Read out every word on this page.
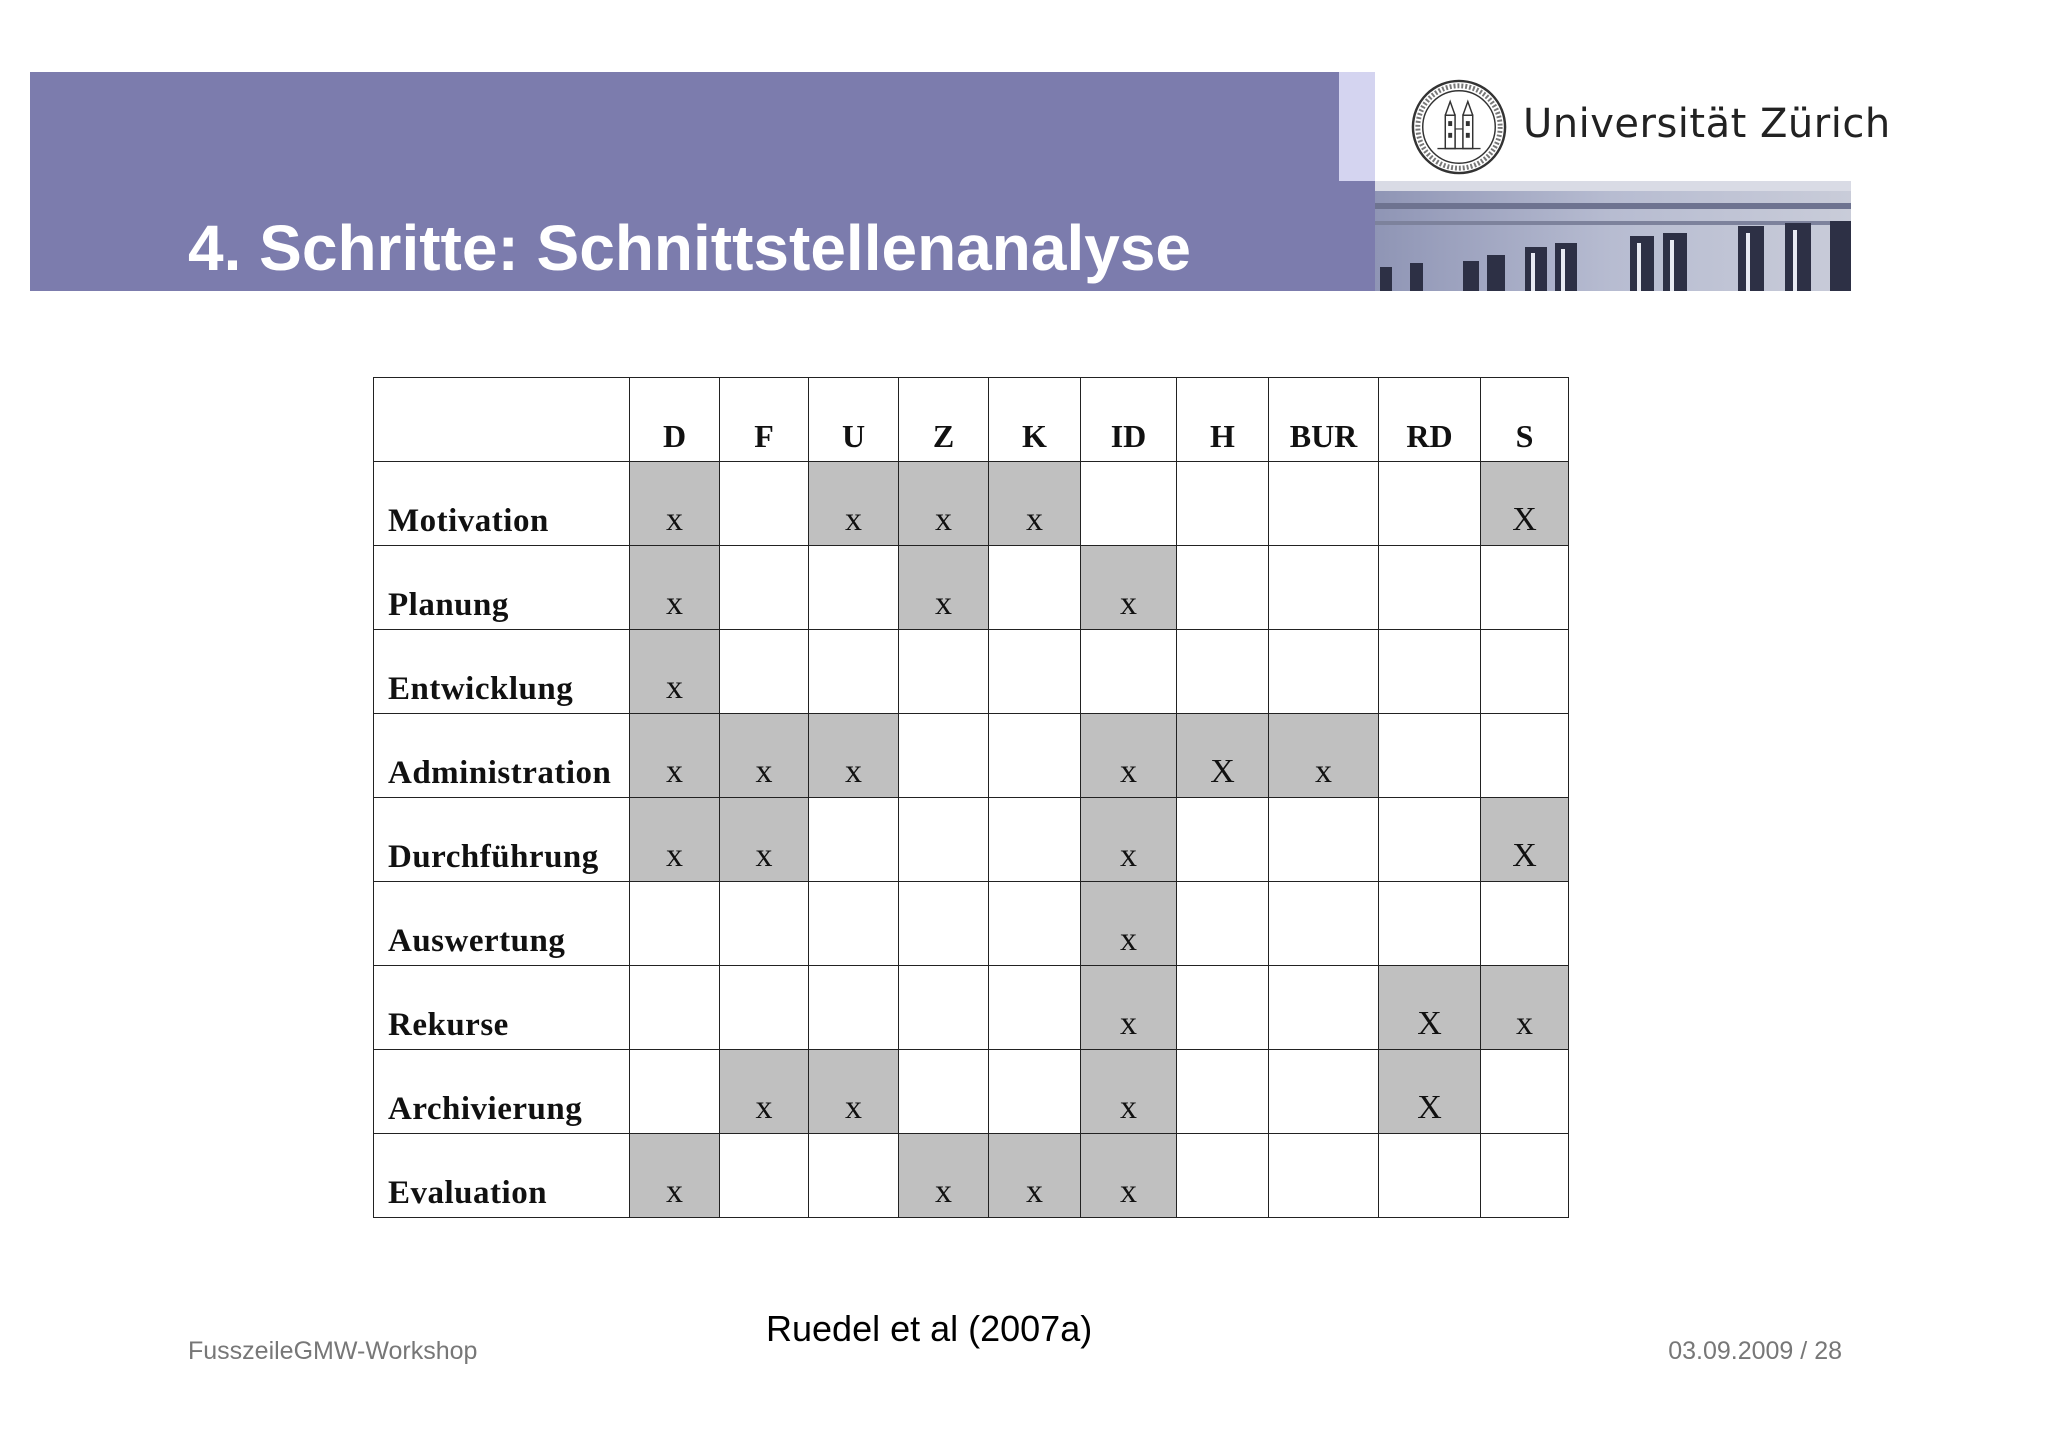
4. Schritte: Schnittstellenanalyse
Universität Zürich
	D	F	U	Z	K	ID	H	BUR	RD	S
Motivation	x		x	x	x					X
Planung	x			x		x				
Entwicklung	x									
Administration	x	x	x			x	X	x		
Durchführung	x	x				x				X
Auswertung						x				
Rekurse						x			X	x
Archivierung		x	x			x			X	
Evaluation	x			x	x	x				
Ruedel et al (2007a)
FusszeileGMW-Workshop	03.09.2009 / 28
